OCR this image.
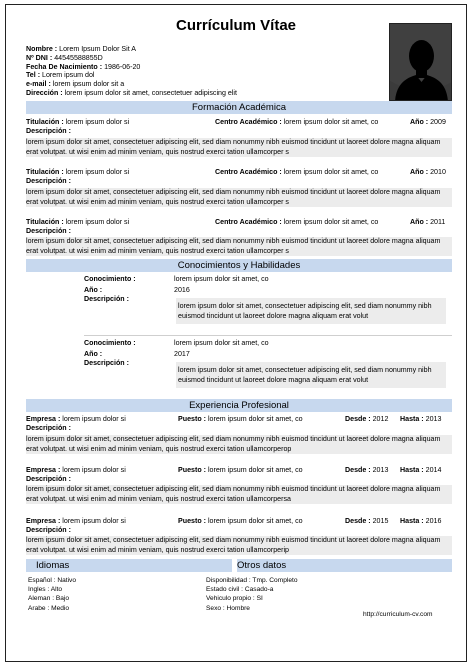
Currículum Vítae
Nombre : Lorem Ipsum Dolor Sit A
Nº DNI : 44545588855D
Fecha De Nacimiento : 1986-06-20
Tel : Lorem ipsum dol
e-mail : lorem ipsum dolor sit a
Dirección : lorem ipsum dolor sit amet, consectetuer adipiscing elit
Formación Académica
Titulación : lorem ipsum dolor si	Centro Académico : lorem ipsum dolor sit amet, co	Año : 2009
Descripción :
lorem ipsum dolor sit amet, consectetuer adipiscing elit, sed diam nonummy nibh euismod tincidunt ut laoreet dolore magna aliquam erat volutpat. ut wisi enim ad minim veniam, quis nostrud exerci tation ullamcorper s
Titulación : lorem ipsum dolor si	Centro Académico : lorem ipsum dolor sit amet, co	Año : 2010
Descripción :
lorem ipsum dolor sit amet, consectetuer adipiscing elit, sed diam nonummy nibh euismod tincidunt ut laoreet dolore magna aliquam erat volutpat. ut wisi enim ad minim veniam, quis nostrud exerci tation ullamcorper s
Titulación : lorem ipsum dolor si	Centro Académico : lorem ipsum dolor sit amet, co	Año : 2011
Descripción :
lorem ipsum dolor sit amet, consectetuer adipiscing elit, sed diam nonummy nibh euismod tincidunt ut laoreet dolore magna aliquam erat volutpat. ut wisi enim ad minim veniam, quis nostrud exerci tation ullamcorper s
Conocimientos y Habilidades
Conocimiento :	lorem ipsum dolor sit amet, co
Año :	2016
Descripción :
lorem ipsum dolor sit amet, consectetuer adipiscing elit, sed diam nonummy nibh euismod tincidunt ut laoreet dolore magna aliquam erat volut
Conocimiento :	lorem ipsum dolor sit amet, co
Año :	2017
Descripción :
lorem ipsum dolor sit amet, consectetuer adipiscing elit, sed diam nonummy nibh euismod tincidunt ut laoreet dolore magna aliquam erat volut
Experiencia Profesional
Empresa : lorem ipsum dolor si	Puesto : lorem ipsum dolor sit amet, co	Desde : 2012 Hasta : 2013
Descripción :
lorem ipsum dolor sit amet, consectetuer adipiscing elit, sed diam nonummy nibh euismod tincidunt ut laoreet dolore magna aliquam erat volutpat. ut wisi enim ad minim veniam, quis nostrud exerci tation ullamcorperop
Empresa : lorem ipsum dolor si	Puesto : lorem ipsum dolor sit amet, co	Desde : 2013 Hasta : 2014
Descripción :
lorem ipsum dolor sit amet, consectetuer adipiscing elit, sed diam nonummy nibh euismod tincidunt ut laoreet dolore magna aliquam erat volutpat. ut wisi enim ad minim veniam, quis nostrud exerci tation ullamcorpersa
Empresa : lorem ipsum dolor si	Puesto : lorem ipsum dolor sit amet, co	Desde : 2015 Hasta : 2016
Descripción :
lorem ipsum dolor sit amet, consectetuer adipiscing elit, sed diam nonummy nibh euismod tincidunt ut laoreet dolore magna aliquam erat volutpat. ut wisi enim ad minim veniam, quis nostrud exerci tation ullamcorperip
Idiomas	Otros datos
Español : Nativo
Ingles : Alto
Aleman : Bajo
Arabe : Medio
Disponibilidad : Tmp. Completo
Estado civil : Casado-a
Vehiculo propio : SI
Sexo : Hombre
http://curriculum-cv.com
